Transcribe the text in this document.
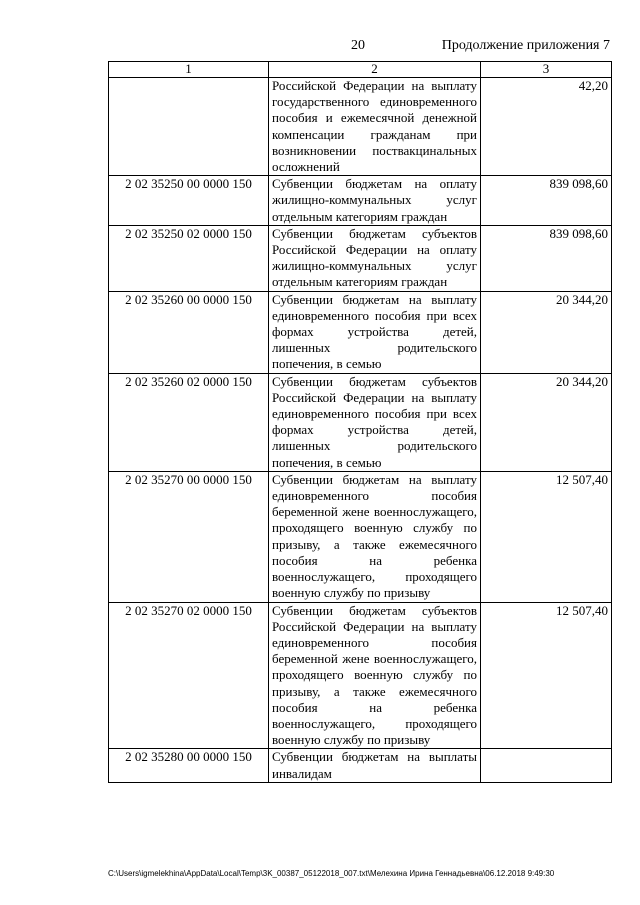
20	Продолжение приложения 7
1	2	3
	Российской Федерации на выплату государственного единовременного пособия и ежемесячной денежной компенсации гражданам при возникновении поствакцинальных осложнений	42,20
2 02 35250 00 0000 150	Субвенции бюджетам на оплату жилищно-коммунальных услуг отдельным категориям граждан	839 098,60
2 02 35250 02 0000 150	Субвенции бюджетам субъектов Российской Федерации на оплату жилищно-коммунальных услуг отдельным категориям граждан	839 098,60
2 02 35260 00 0000 150	Субвенции бюджетам на выплату единовременного пособия при всех формах устройства детей, лишенных родительского попечения, в семью	20 344,20
2 02 35260 02 0000 150	Субвенции бюджетам субъектов Российской Федерации на выплату единовременного пособия при всех формах устройства детей, лишенных родительского попечения, в семью	20 344,20
2 02 35270 00 0000 150	Субвенции бюджетам на выплату единовременного пособия беременной жене военнослужащего, проходящего военную службу по призыву, а также ежемесячного пособия на ребенка военнослужащего, проходящего военную службу по призыву	12 507,40
2 02 35270 02 0000 150	Субвенции бюджетам субъектов Российской Федерации на выплату единовременного пособия беременной жене военнослужащего, проходящего военную службу по призыву, а также ежемесячного пособия на ребенка военнослужащего, проходящего военную службу по призыву	12 507,40
2 02 35280 00 0000 150	Субвенции бюджетам на выплаты инвалидам	
C:\Users\igmelekhina\AppData\Local\Temp\3K_00387_05122018_007.txt\Мелехина Ирина Геннадьевна\06.12.2018 9:49:30
